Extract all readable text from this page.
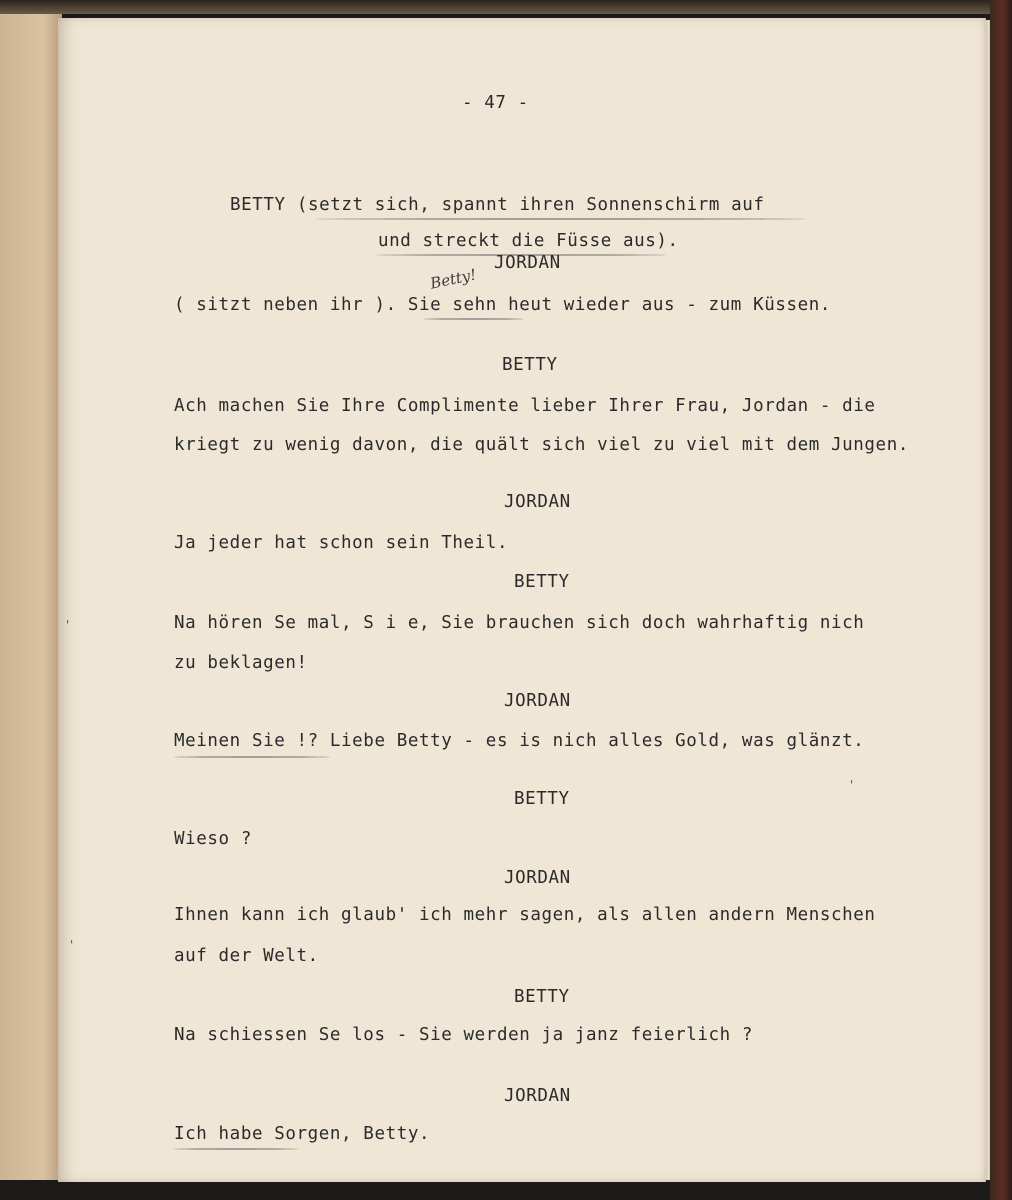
- 47 -
BETTY (setzt sich, spannt ihren Sonnenschirm auf
und streckt die Füsse aus).
JORDAN
Betty!
( sitzt neben ihr ). Sie sehn heut wieder aus - zum Küssen.
BETTY
Ach machen Sie Ihre Complimente lieber Ihrer Frau, Jordan - die
kriegt zu wenig davon, die quält sich viel zu viel mit dem Jungen.
JORDAN
Ja jeder hat schon sein Theil.
BETTY
Na hören Se mal, S i e, Sie brauchen sich doch wahrhaftig nich
zu beklagen!
JORDAN
Meinen Sie !? Liebe Betty - es is nich alles Gold, was glänzt.
BETTY
Wieso ?
JORDAN
Ihnen kann ich glaub' ich mehr sagen, als allen andern Menschen
auf der Welt.
BETTY
Na schiessen Se los - Sie werden ja janz feierlich ?
JORDAN
Ich habe Sorgen, Betty.
'
'
'
